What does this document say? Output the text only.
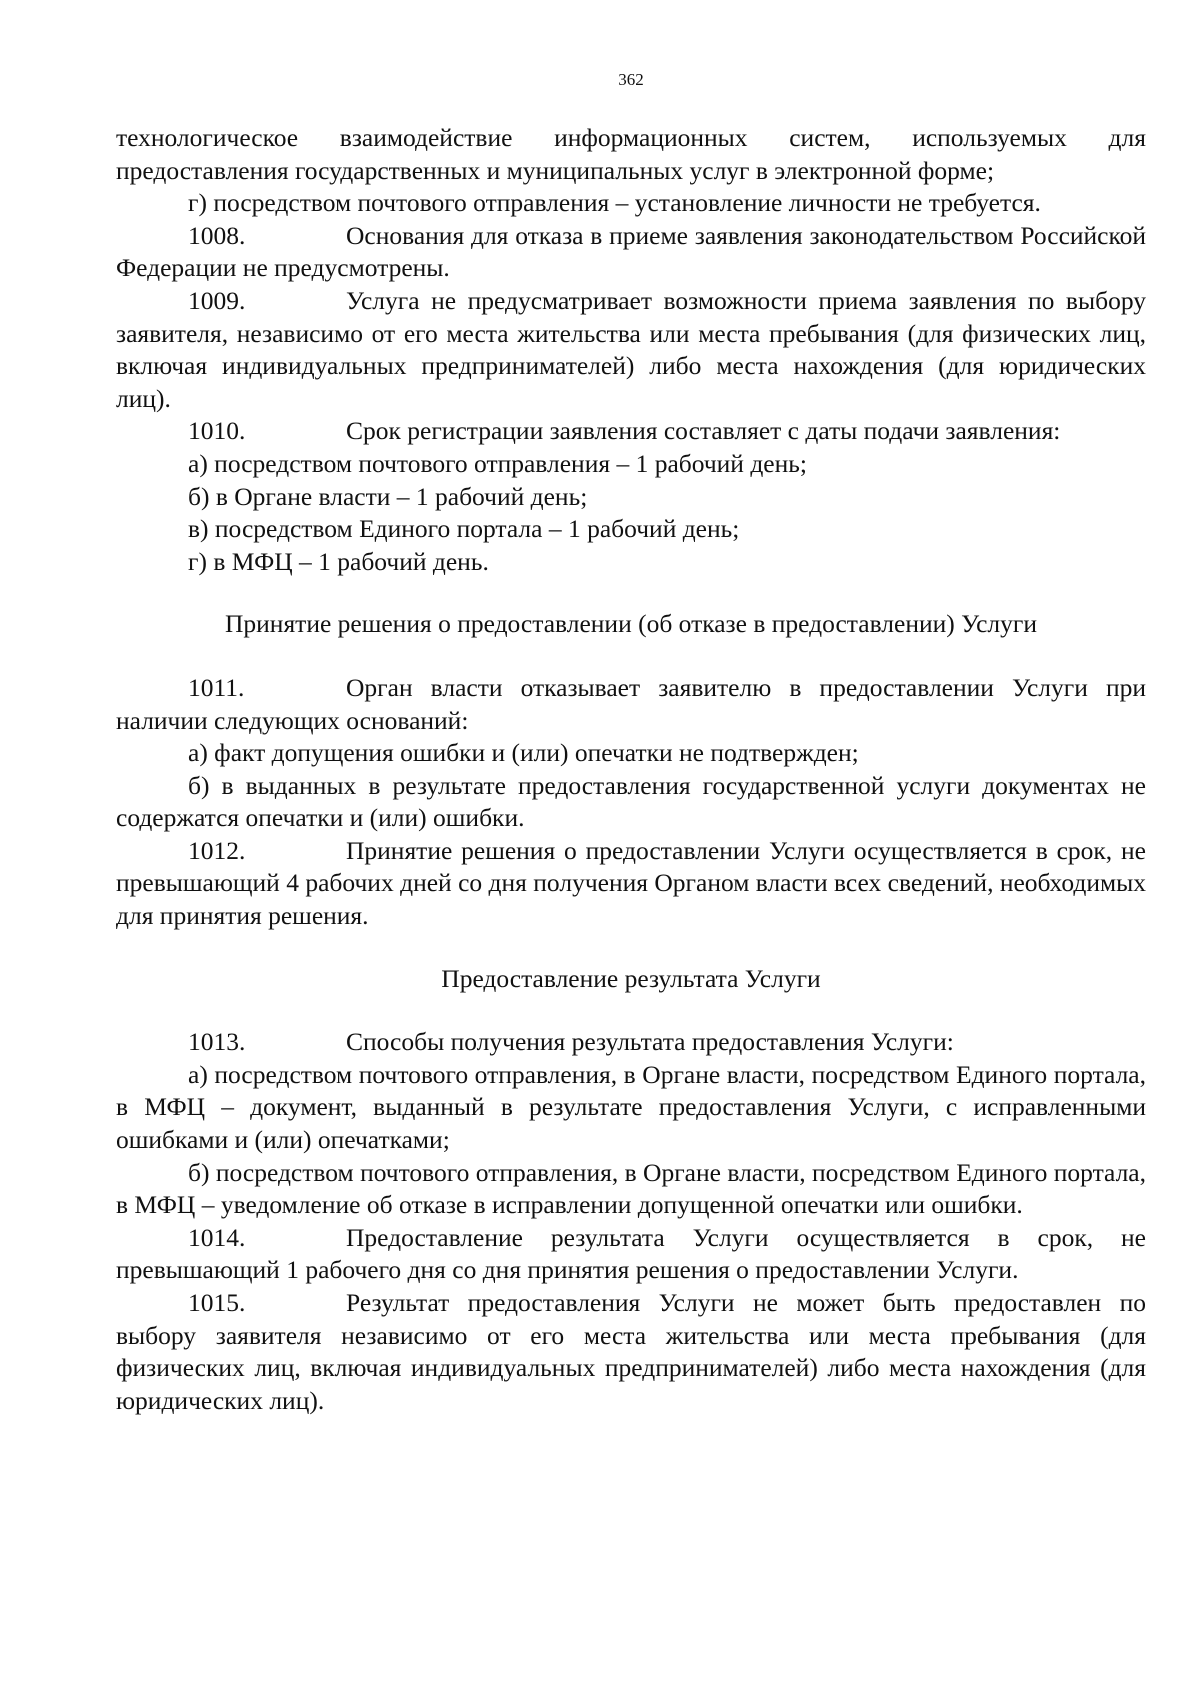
362

технологическое взаимодействие информационных систем, используемых для предоставления государственных и муниципальных услуг в электронной форме;

г) посредством почтового отправления – установление личности не требуется.

1008.	Основания для отказа в приеме заявления законодательством Российской Федерации не предусмотрены.

1009.	Услуга не предусматривает возможности приема заявления по выбору заявителя, независимо от его места жительства или места пребывания (для физических лиц, включая индивидуальных предпринимателей) либо места нахождения (для юридических лиц).

1010.	Срок регистрации заявления составляет с даты подачи заявления:

а) посредством почтового отправления – 1 рабочий день;

б) в Органе власти – 1 рабочий день;

в) посредством Единого портала – 1 рабочий день;

г) в МФЦ – 1 рабочий день.

Принятие решения о предоставлении (об отказе в предоставлении) Услуги

1011.	Орган власти отказывает заявителю в предоставлении Услуги при наличии следующих оснований:

а) факт допущения ошибки и (или) опечатки не подтвержден;

б) в выданных в результате предоставления государственной услуги документах не содержатся опечатки и (или) ошибки.

1012.	Принятие решения о предоставлении Услуги осуществляется в срок, не превышающий 4 рабочих дней со дня получения Органом власти всех сведений, необходимых для принятия решения.

Предоставление результата Услуги

1013.	Способы получения результата предоставления Услуги:

а) посредством почтового отправления, в Органе власти, посредством Единого портала, в МФЦ – документ, выданный в результате предоставления Услуги, с исправленными ошибками и (или) опечатками;

б) посредством почтового отправления, в Органе власти, посредством Единого портала, в МФЦ – уведомление об отказе в исправлении допущенной опечатки или ошибки.

1014.	Предоставление результата Услуги осуществляется в срок, не превышающий 1 рабочего дня со дня принятия решения о предоставлении Услуги.

1015.	Результат предоставления Услуги не может быть предоставлен по выбору заявителя независимо от его места жительства или места пребывания (для физических лиц, включая индивидуальных предпринимателей) либо места нахождения (для юридических лиц).
